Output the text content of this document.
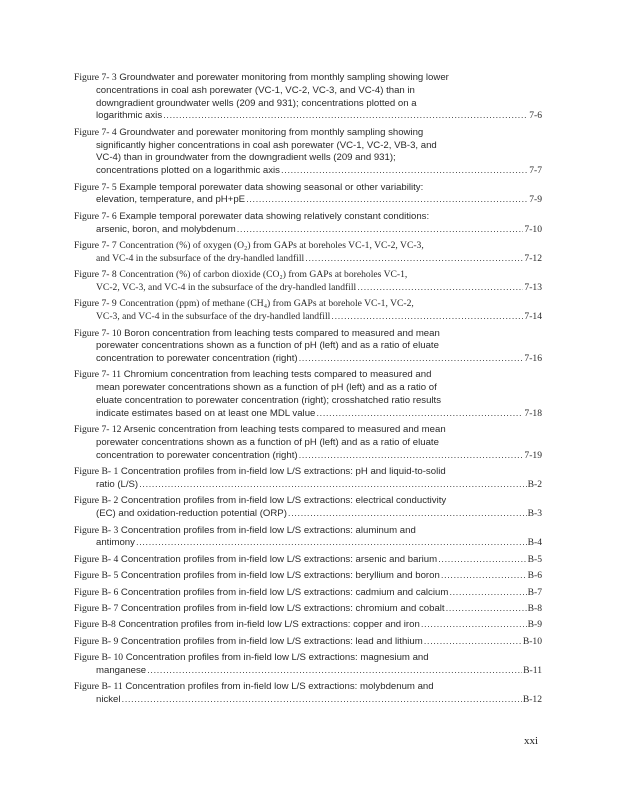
Figure 7- 3 Groundwater and porewater monitoring from monthly sampling showing lower
concentrations in coal ash porewater (VC-1, VC-2, VC-3, and VC-4) than in
downgradient groundwater wells (209 and 931); concentrations plotted on a
logarithmic axis .....	7-6
Figure 7- 4 Groundwater and porewater monitoring from monthly sampling showing
significantly higher concentrations in coal ash porewater (VC-1, VC-2, VB-3, and
VC-4) than in groundwater from the downgradient wells (209 and 931);
concentrations plotted on a logarithmic axis .....	7-7
Figure 7- 5 Example temporal porewater data showing seasonal or other variability:
elevation, temperature, and pH+pE .....	7-9
Figure 7- 6 Example temporal porewater data showing relatively constant conditions:
arsenic, boron, and molybdenum .....	7-10
Figure 7- 7 Concentration (%) of oxygen (O₂) from GAPs at boreholes VC-1, VC-2, VC-3,
and VC-4 in the subsurface of the dry-handled landfill .....	7-12
Figure 7- 8 Concentration (%) of carbon dioxide (CO₂) from GAPs at boreholes VC-1,
VC-2, VC-3, and VC-4 in the subsurface of the dry-handled landfill .....	7-13
Figure 7- 9 Concentration (ppm) of methane (CH₄) from GAPs at borehole VC-1, VC-2,
VC-3, and VC-4 in the subsurface of the dry-handled landfill .....	7-14
Figure 7- 10 Boron concentration from leaching tests compared to measured and mean
porewater concentrations shown as a function of pH (left) and as a ratio of eluate
concentration to porewater concentration (right) .....	7-16
Figure 7- 11 Chromium concentration from leaching tests compared to measured and
mean porewater concentrations shown as a function of pH (left) and as a ratio of
eluate concentration to porewater concentration (right); crosshatched ratio results
indicate estimates based on at least one MDL value .....	7-18
Figure 7- 12 Arsenic concentration from leaching tests compared to measured and mean
porewater concentrations shown as a function of pH (left) and as a ratio of eluate
concentration to porewater concentration (right) .....	7-19
Figure B- 1 Concentration profiles from in-field low L/S extractions: pH and liquid-to-solid
ratio (L/S) .....	B-2
Figure B- 2 Concentration profiles from in-field low L/S extractions: electrical conductivity
(EC) and oxidation-reduction potential (ORP) .....	B-3
Figure B- 3 Concentration profiles from in-field low L/S extractions: aluminum and
antimony .....	B-4
Figure B- 4 Concentration profiles from in-field low L/S extractions: arsenic and barium .....	B-5
Figure B- 5 Concentration profiles from in-field low L/S extractions: beryllium and boron .....	B-6
Figure B- 6 Concentration profiles from in-field low L/S extractions: cadmium and calcium .....	B-7
Figure B- 7 Concentration profiles from in-field low L/S extractions: chromium and cobalt .....	B-8
Figure B-8 Concentration profiles from in-field low L/S extractions: copper and iron .....	B-9
Figure B- 9 Concentration profiles from in-field low L/S extractions: lead and lithium .....	B-10
Figure B- 10 Concentration profiles from in-field low L/S extractions: magnesium and
manganese .....	B-11
Figure B- 11 Concentration profiles from in-field low L/S extractions: molybdenum and
nickel .....	B-12
xxi
